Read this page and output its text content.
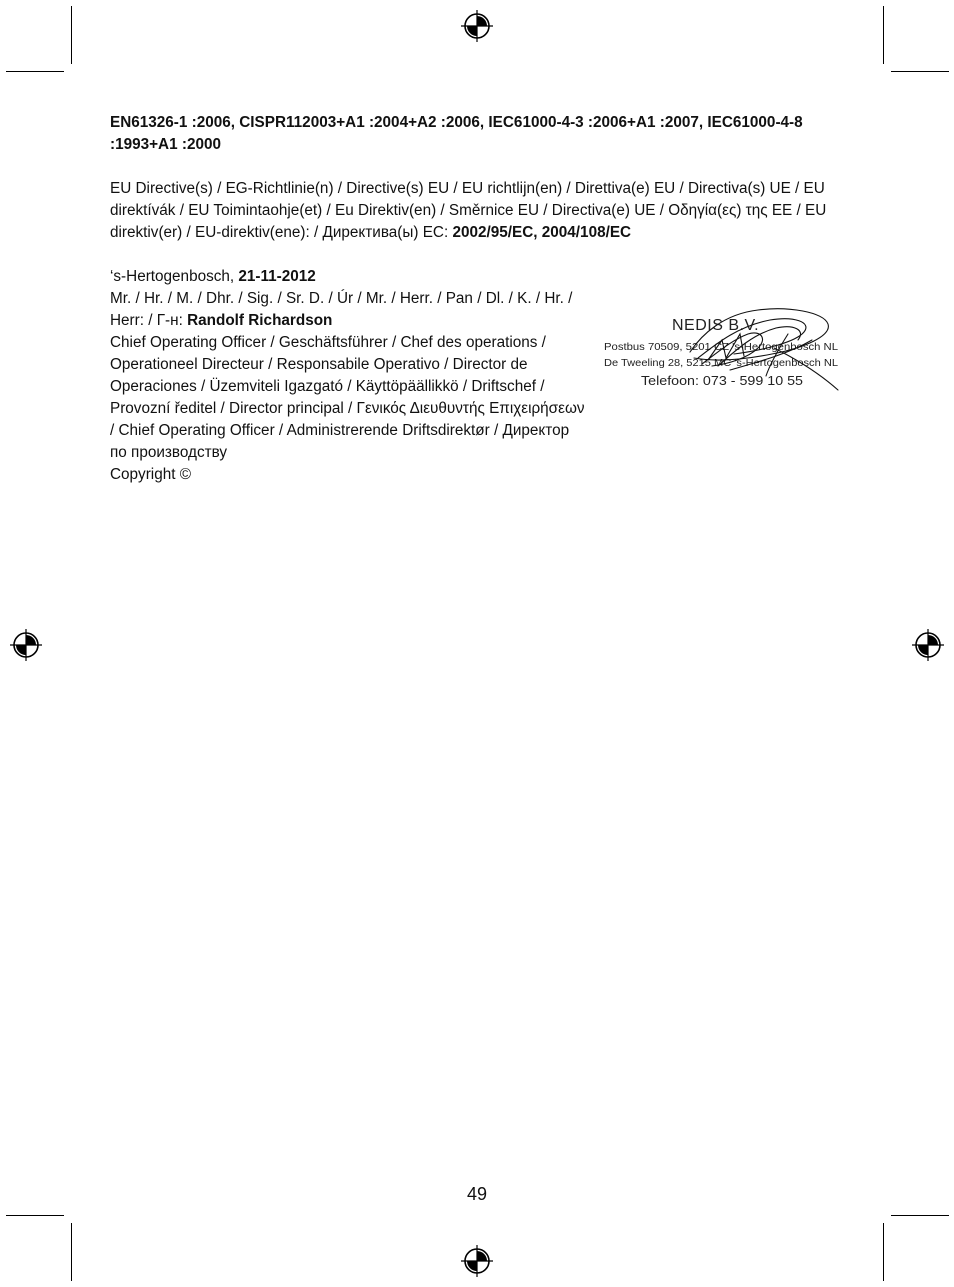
EN61326-1 :2006, CISPR112003+A1 :2004+A2 :2006, IEC61000-4-3 :2006+A1 :2007, IEC61000-4-8 :1993+A1 :2000

EU Directive(s) / EG-Richtlinie(n) / Directive(s) EU / EU richtlijn(en) / Direttiva(e) EU / Directiva(s) UE / EU direktívák / EU Toimintaohje(et) / Eu Direktiv(en) / Směrnice EU / Directiva(e) UE / Οδηγία(ες) της EE / EU direktiv(er) / EU-direktiv(ene): / Директива(ы) EC: 2002/95/EC, 2004/108/EC

‘s-Hertogenbosch, 21-11-2012

Mr. / Hr. / M. / Dhr. / Sig. / Sr. D. / Úr / Mr. / Herr. / Pan / Dl. / K. / Hr. / Herr: / Г-н: Randolf Richardson

Chief Operating Officer / Geschäftsführer / Chef des operations / Operationeel Directeur / Responsabile Operativo / Director de Operaciones / Üzemviteli Igazgató / Käyttöpäällikkö / Driftschef / Provozní ředitel / Director principal / Γενικός Διευθυντής Επιχειρήσεων / Chief Operating Officer / Administrerende Driftsdirektør / Директор по производству

Copyright ©

NEDIS B.V.
Postbus 70509, 5201 CZ 's-Hertogenbosch NL
De Tweeling 28, 5215 MC 's-Hertogenbosch NL
Telefoon: 073 - 599 10 55
49
